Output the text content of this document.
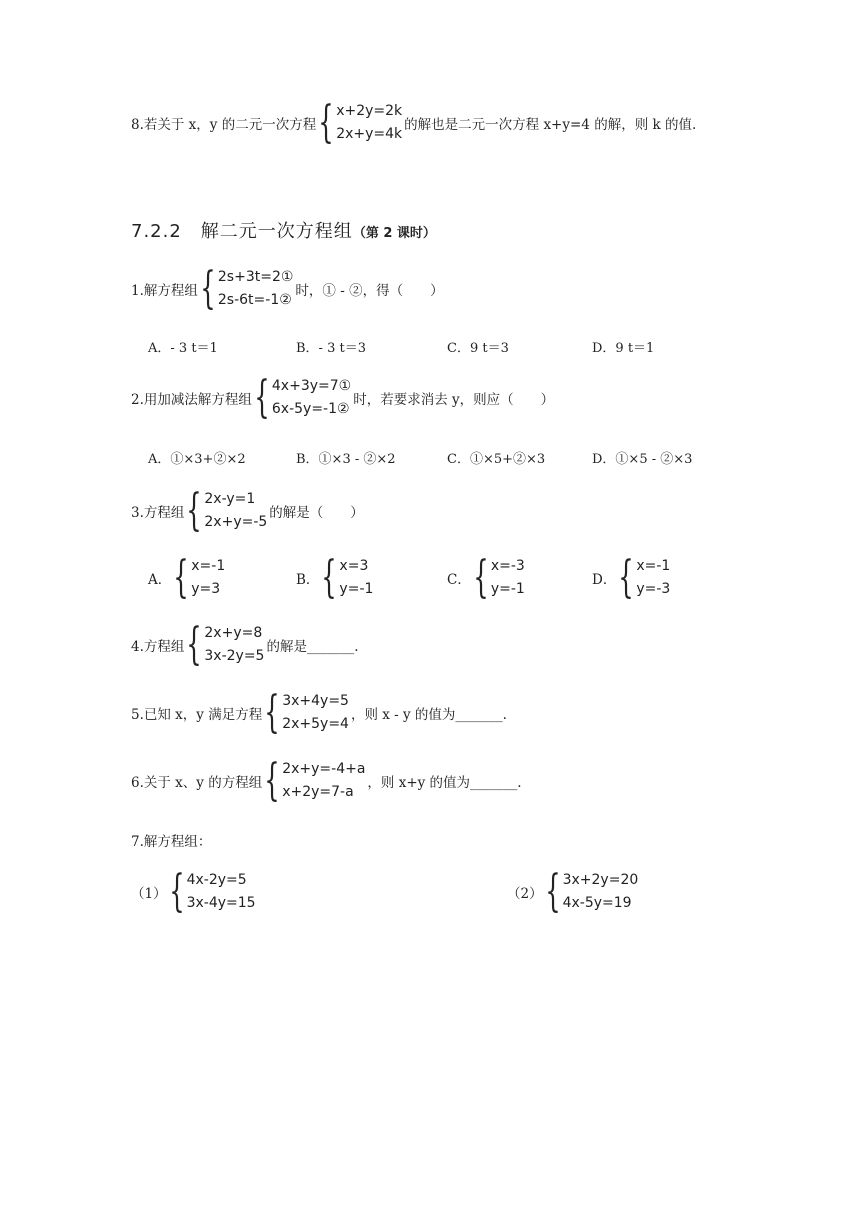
8.若关于 x，y 的二元一次方程 { x+2y=2k
2x+y=4k
的解也是二元一次方程 x+y=4 的解，则 k 的值.
7.2.2　解二元一次方程组（第 2 课时）
1.解方程组 { 2s+3t=2①
2s-6t=-1②
时，① - ②，得（　　）
A．- 3 t＝1	B．- 3 t＝3	C．9 t＝3	D．9 t＝1
2.用加减法解方程组 { 4x+3y=7①
6x-5y=-1②
时，若要求消去 y，则应（　　）
A．①×3+②×2	B．①×3 - ②×2	C．①×5+②×3	D．①×5 - ②×3
3.方程组 { 2x-y=1
2x+y=-5
的解是（　　）
A． { x=-1
y=3
B． { x=3
y=-1
C． { x=-3
y=-1
D． { x=-1
y=-3
4.方程组 { 2x+y=8
3x-2y=5
的解是_______.
5.已知 x，y 满足方程 { 3x+4y=5
2x+5y=4
，则 x - y 的值为_______.
6.关于 x、y 的方程组 { 2x+y=-4+a
x+2y=7-a
，则 x+y 的值为_______.
7.解方程组：
（1） { 4x-2y=5
3x-4y=15
（2） { 3x+2y=20
4x-5y=19
